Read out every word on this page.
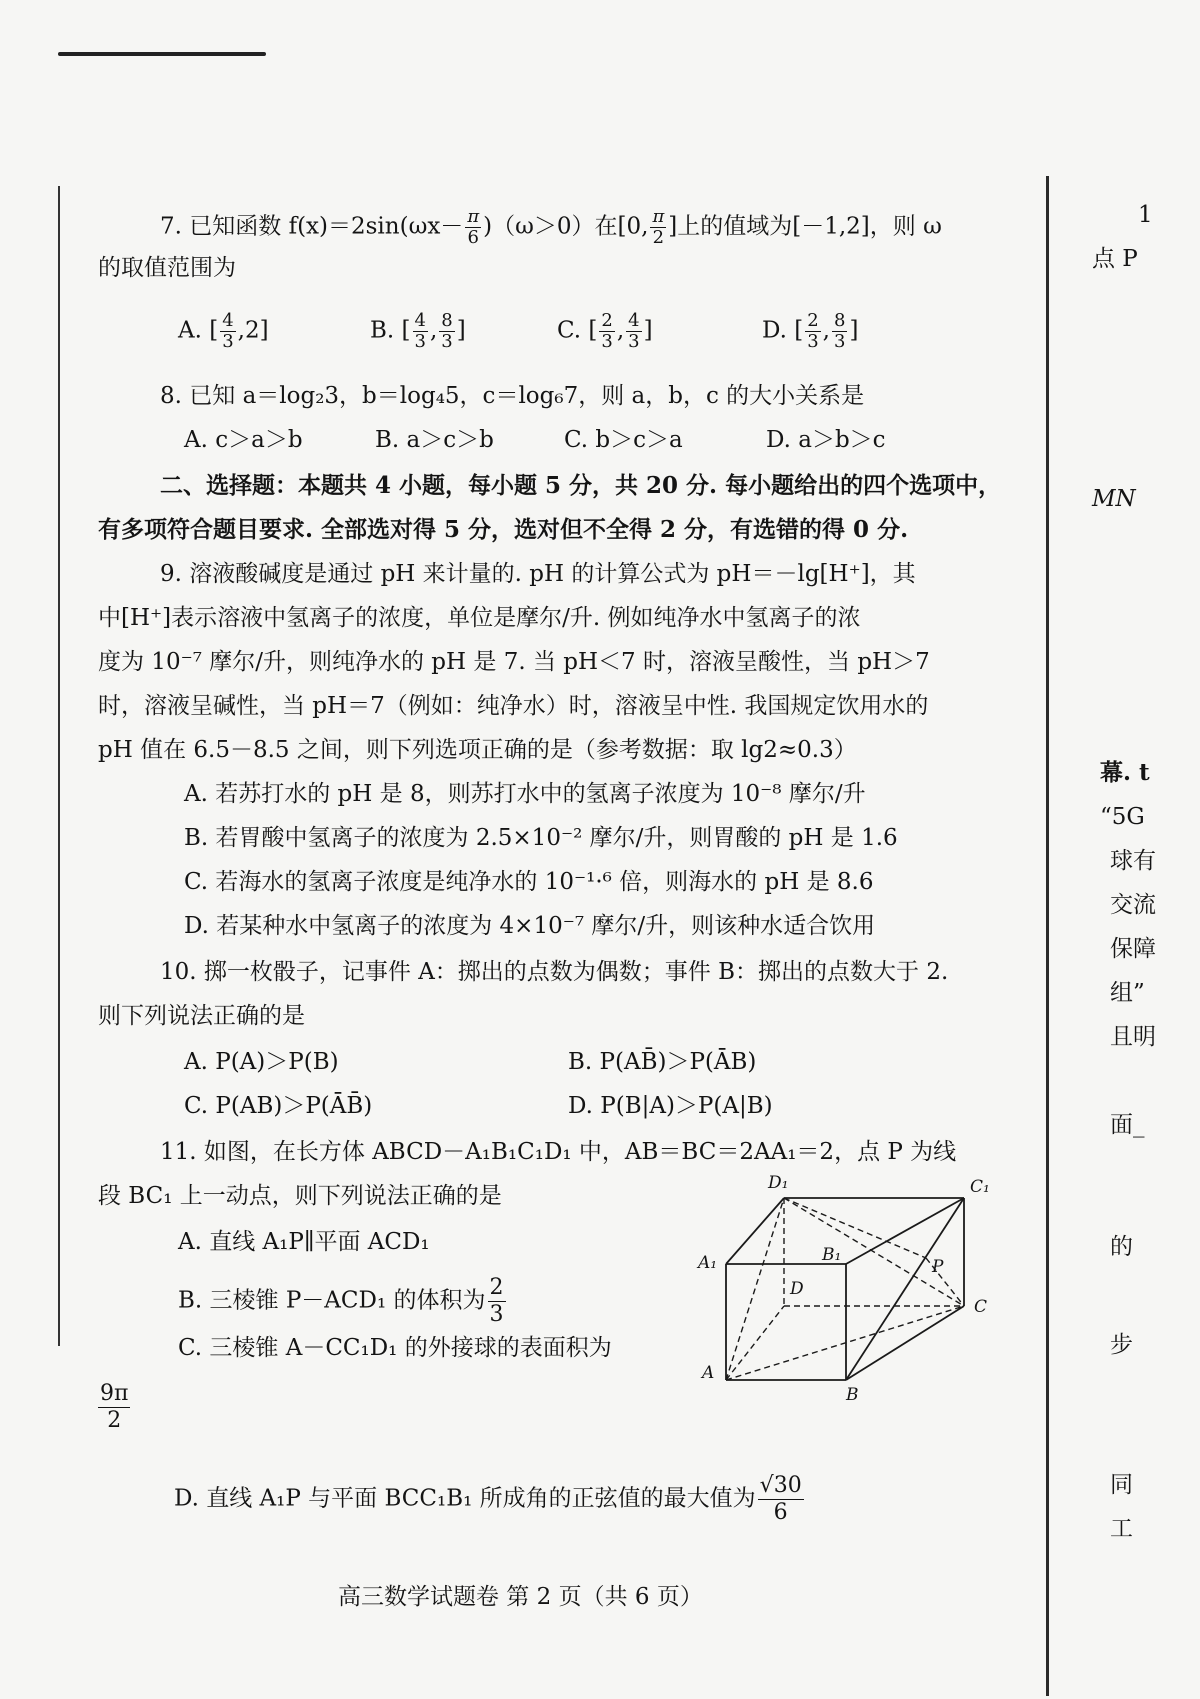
7. 已知函数 $f(x)=2\sin(\omega x- \frac{\pi}{6} )(\omega>0)$在[0, $\frac{\pi}{2}$ ]上的值域为[－1,2]，则 ω
的取值范围为
A. [ $\frac{4}{3} ,2$]	B. [ $\frac{4}{3}$ , $\frac{8}{3}$ ]	C. [ $\frac{2}{3}$ , $\frac{4}{3}$ ]	D. [ $\frac{2}{3}$ , $\frac{8}{3}$ ]
8. 已知 a＝log₂3，b＝log₄5，c＝log₆7，则 a，b，c 的大小关系是
A. c＞a＞b	B. a＞c＞b	C. b＞c＞a	D. a＞b＞c
二、选择题：本题共 4 小题，每小题 5 分，共 20 分. 每小题给出的四个选项中，
有多项符合题目要求. 全部选对得 5 分，选对但不全得 2 分，有选错的得 0 分.
9. 溶液酸碱度是通过 pH 来计量的. pH 的计算公式为 pH＝－lg[H⁺]，其
中[H⁺]表示溶液中氢离子的浓度，单位是摩尔/升. 例如纯净水中氢离子的浓
度为 10⁻⁷ 摩尔/升，则纯净水的 pH 是 7. 当 pH＜7 时，溶液呈酸性，当 pH＞7
时，溶液呈碱性，当 pH＝7（例如：纯净水）时，溶液呈中性. 我国规定饮用水的
pH 值在 6.5－8.5 之间，则下列选项正确的是（参考数据：取 lg2≈0.3）
A. 若苏打水的 pH 是 8，则苏打水中的氢离子浓度为 10⁻⁸ 摩尔/升
B. 若胃酸中氢离子的浓度为 2.5×10⁻² 摩尔/升，则胃酸的 pH 是 1.6
C. 若海水的氢离子浓度是纯净水的 10⁻¹·⁶ 倍，则海水的 pH 是 8.6
D. 若某种水中氢离子的浓度为 4×10⁻⁷ 摩尔/升，则该种水适合饮用
10. 掷一枚骰子，记事件 A：掷出的点数为偶数；事件 B：掷出的点数大于 2.
则下列说法正确的是
A. P(A)＞P(B)	B. P(AB̄)＞P(ĀB)
C. P(AB)＞P(ĀB̄)	D. P(B|A)＞P(A|B)
11. 如图，在长方体 ABCD－A₁B₁C₁D₁ 中，AB＝BC＝2AA₁＝2，点 P 为线
段 BC₁ 上一动点，则下列说法正确的是
A. 直线 A₁P∥平面 ACD₁
B. 三棱锥 P－ACD₁ 的体积为 $\frac{2}{3}$
C. 三棱锥 A－CC₁D₁ 的外接球的表面积为
$\frac{9\pi}{2}$
D. 直线 A₁P 与平面 BCC₁B₁ 所成角的正弦值的最大值为 $\frac{√30}{6}$
D₁	C₁
A₁	B₁
P
D
C
A
B
高三数学试题卷 第 2 页（共 6 页）
1
点 P
MN
幕. t
“5G
球有
交流
保障
组”
且明
面_
的
步
同
工
